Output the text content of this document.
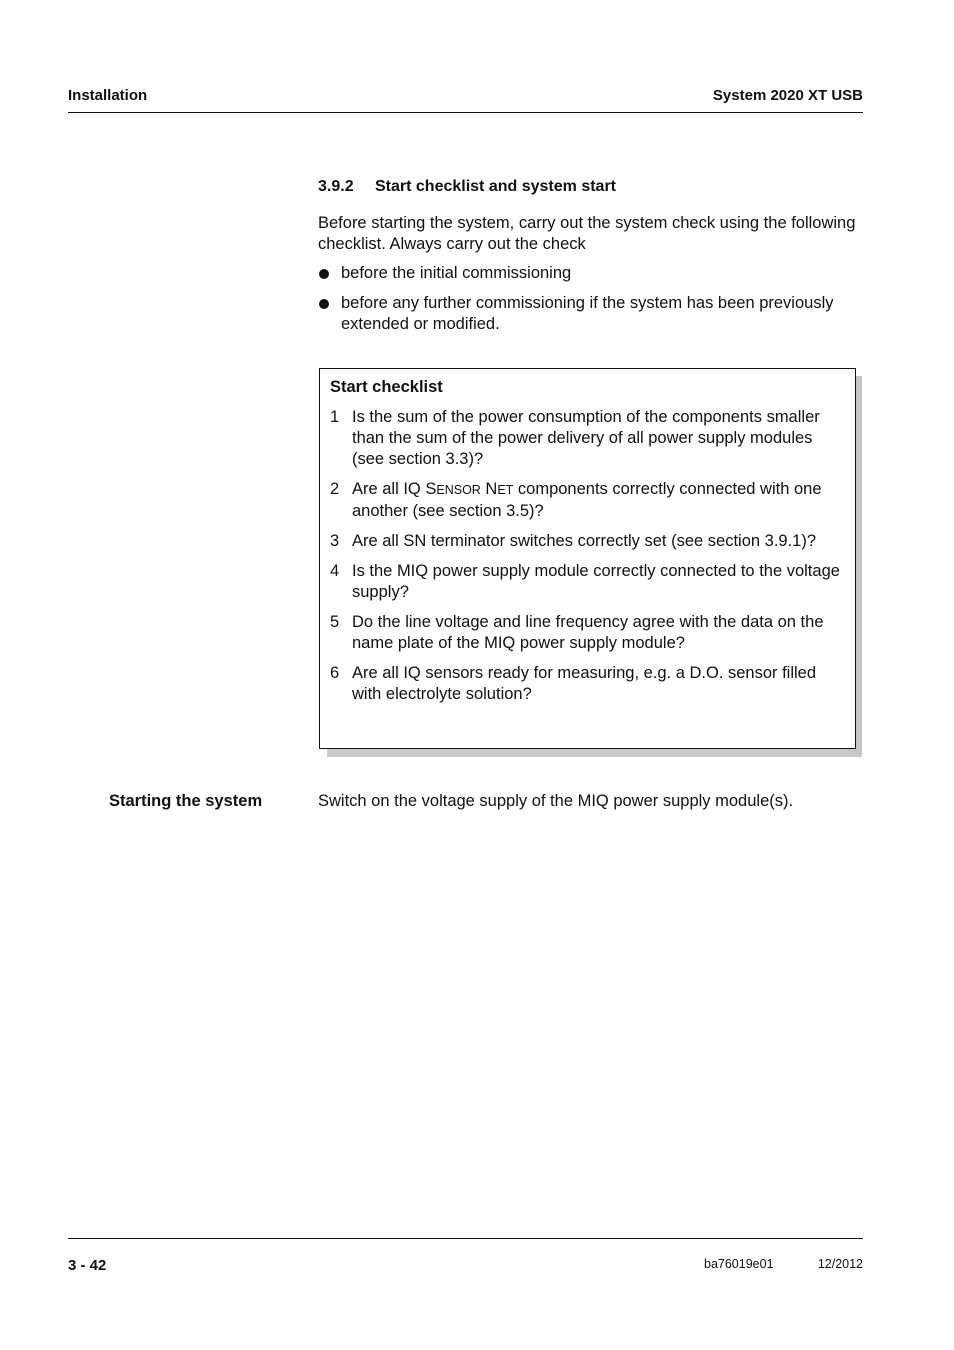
Installation	System 2020 XT USB
3.9.2 Start checklist and system start

Before starting the system, carry out the system check using the following checklist. Always carry out the check

before the initial commissioning
before any further commissioning if the system has been previously extended or modified.
Start checklist
1 Is the sum of the power consumption of the components smaller than the sum of the power delivery of all power supply modules (see section 3.3)?
2 Are all IQ SENSOR NET components correctly connected with one another (see section 3.5)?
3 Are all SN terminator switches correctly set (see section 3.9.1)?
4 Is the MIQ power supply module correctly connected to the voltage supply?
5 Do the line voltage and line frequency agree with the data on the name plate of the MIQ power supply module?
6 Are all IQ sensors ready for measuring, e.g. a D.O. sensor filled with electrolyte solution?
Starting the system	Switch on the voltage supply of the MIQ power supply module(s).
3 - 42	ba76019e01	12/2012
